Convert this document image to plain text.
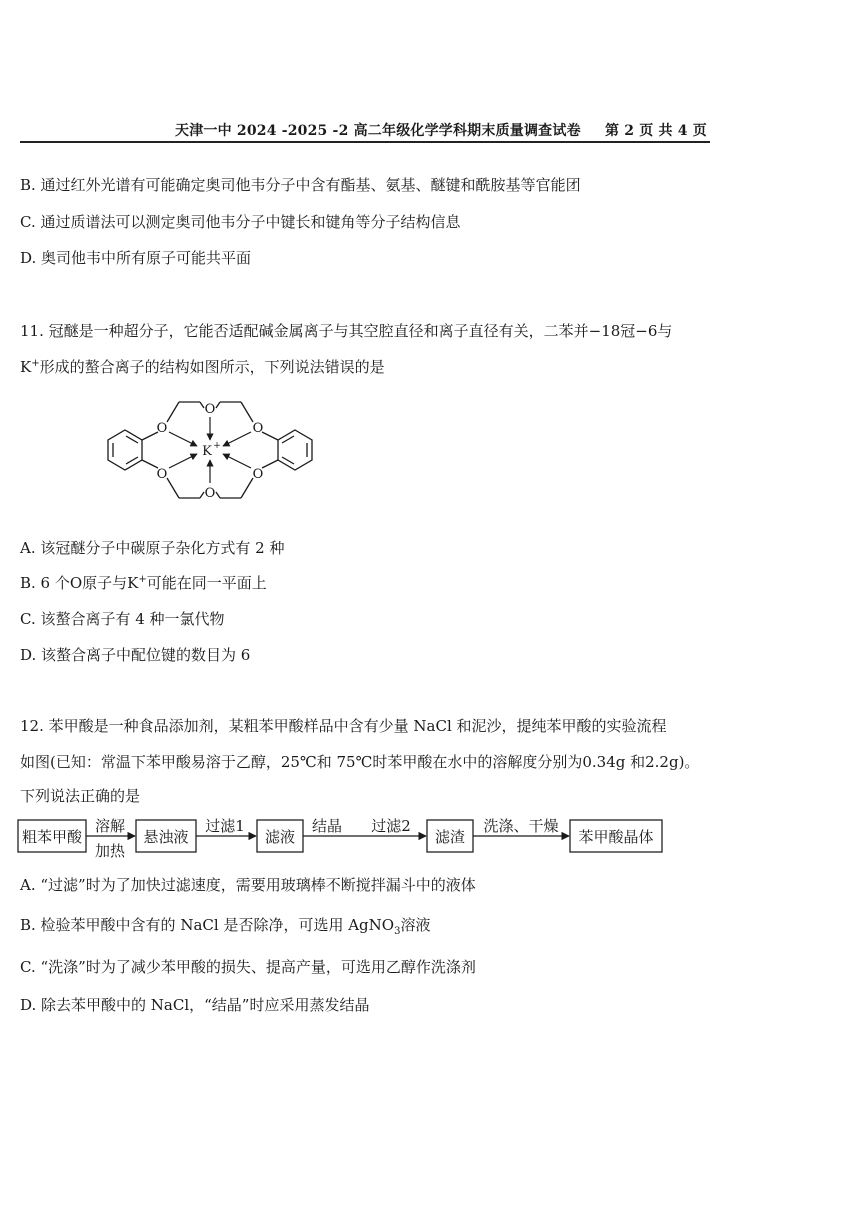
天津一中 2024 -2025 -2 高二年级化学学科期末质量调查试卷 第 2 页 共 4 页
B. 通过红外光谱有可能确定奥司他韦分子中含有酯基、氨基、醚键和酰胺基等官能团
C. 通过质谱法可以测定奥司他韦分子中键长和键角等分子结构信息
D. 奥司他韦中所有原子可能共平面
11. 冠醚是一种超分子，它能否适配碱金属离子与其空腔直径和离子直径有关，二苯并−18冠−6与
K+形成的螯合离子的结构如图所示，下列说法错误的是
O
O
O	O
O	O
K +
A. 该冠醚分子中碳原子杂化方式有 2 种
B. 6 个O原子与K+可能在同一平面上
C. 该螯合离子有 4 种一氯代物
D. 该螯合离子中配位键的数目为 6
12. 苯甲酸是一种食品添加剂，某粗苯甲酸样品中含有少量 NaCl 和泥沙，提纯苯甲酸的实验流程
如图(已知：常温下苯甲酸易溶于乙醇，25℃和 75℃时苯甲酸在水中的溶解度分别为0.34g 和2.2g)。
下列说法正确的是
粗苯甲酸	悬浊液	滤液	滤渣	苯甲酸晶体
溶解
加热
过滤1	结晶 过滤2	洗涤、干燥
A. “过滤”时为了加快过滤速度，需要用玻璃棒不断搅拌漏斗中的液体
B. 检验苯甲酸中含有的 NaCl 是否除净，可选用 AgNO$_3$溶液
C. “洗涤”时为了减少苯甲酸的损失、提高产量，可选用乙醇作洗涤剂
D. 除去苯甲酸中的 NaCl，“结晶”时应采用蒸发结晶
